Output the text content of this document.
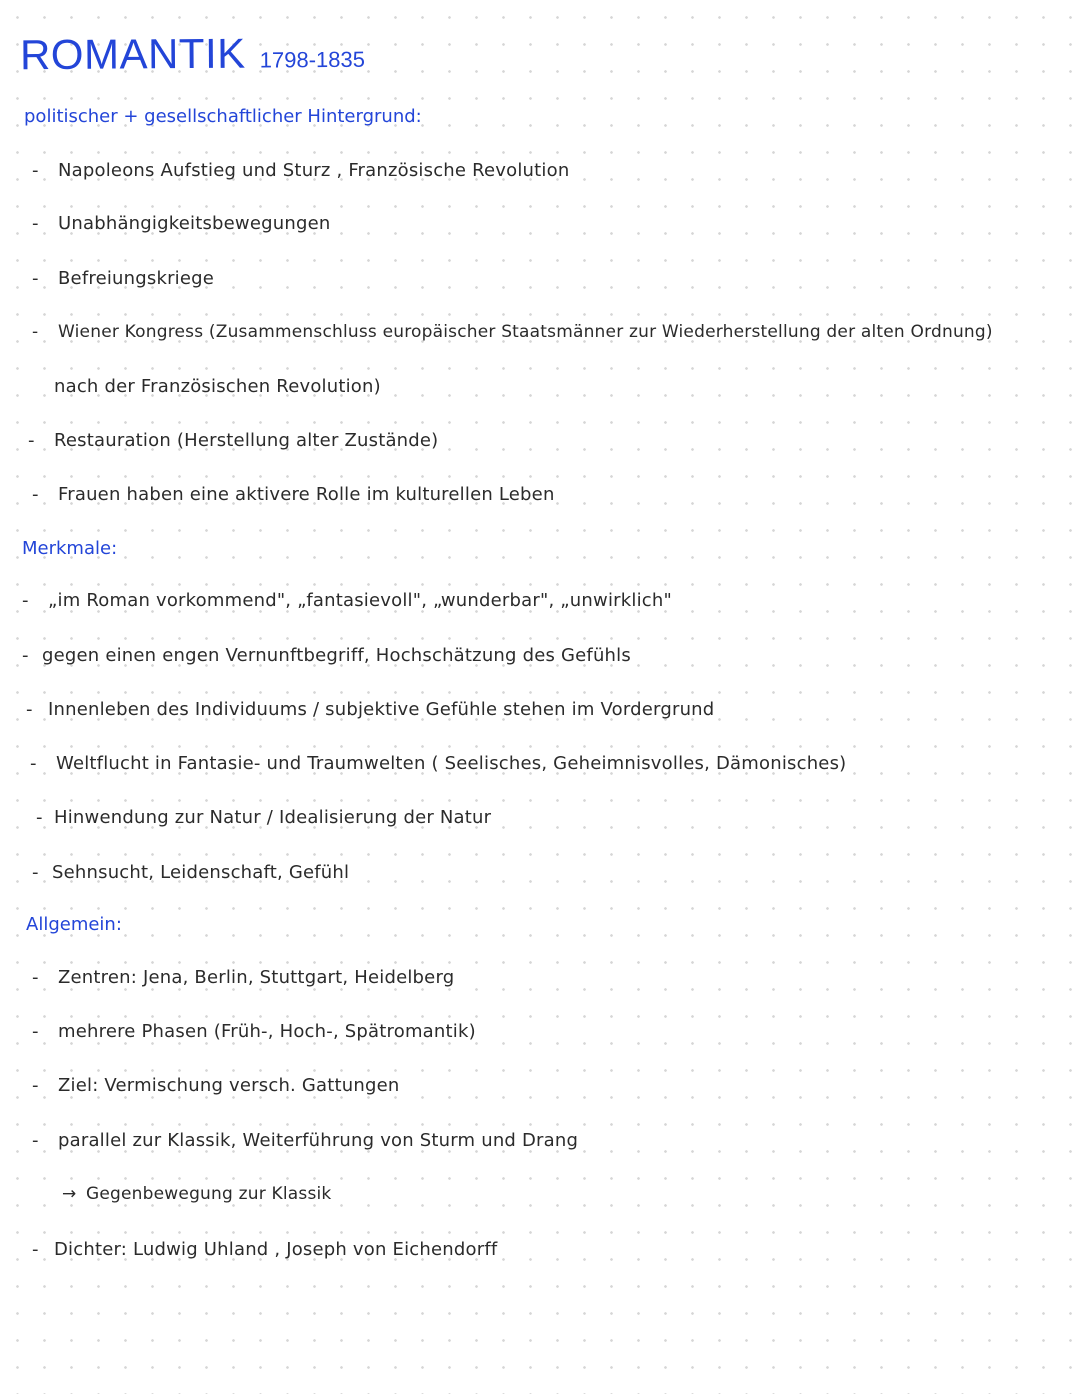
ROMANTIK 1798-1835
politischer + gesellschaftlicher Hintergrund:
- Napoleons Aufstieg und Sturz , Französische Revolution
- Unabhängigkeitsbewegungen
- Befreiungskriege
- Wiener Kongress (Zusammenschluss europäischer Staatsmänner zur Wiederherstellung der alten Ordnung)
nach der Französischen Revolution)
- Restauration (Herstellung alter Zustände)
- Frauen haben eine aktivere Rolle im kulturellen Leben
Merkmale:
- „im Roman vorkommend", „fantasievoll", „wunderbar", „unwirklich"
- gegen einen engen Vernunftbegriff, Hochschätzung des Gefühls
- Innenleben des Individuums / subjektive Gefühle stehen im Vordergrund
- Weltflucht in Fantasie- und Traumwelten ( Seelisches, Geheimnisvolles, Dämonisches)
- Hinwendung zur Natur / Idealisierung der Natur
- Sehnsucht, Leidenschaft, Gefühl
Allgemein:
- Zentren: Jena, Berlin, Stuttgart, Heidelberg
- mehrere Phasen (Früh-, Hoch-, Spätromantik)
- Ziel: Vermischung versch. Gattungen
- parallel zur Klassik, Weiterführung von Sturm und Drang
→ Gegenbewegung zur Klassik
- Dichter: Ludwig Uhland , Joseph von Eichendorff
